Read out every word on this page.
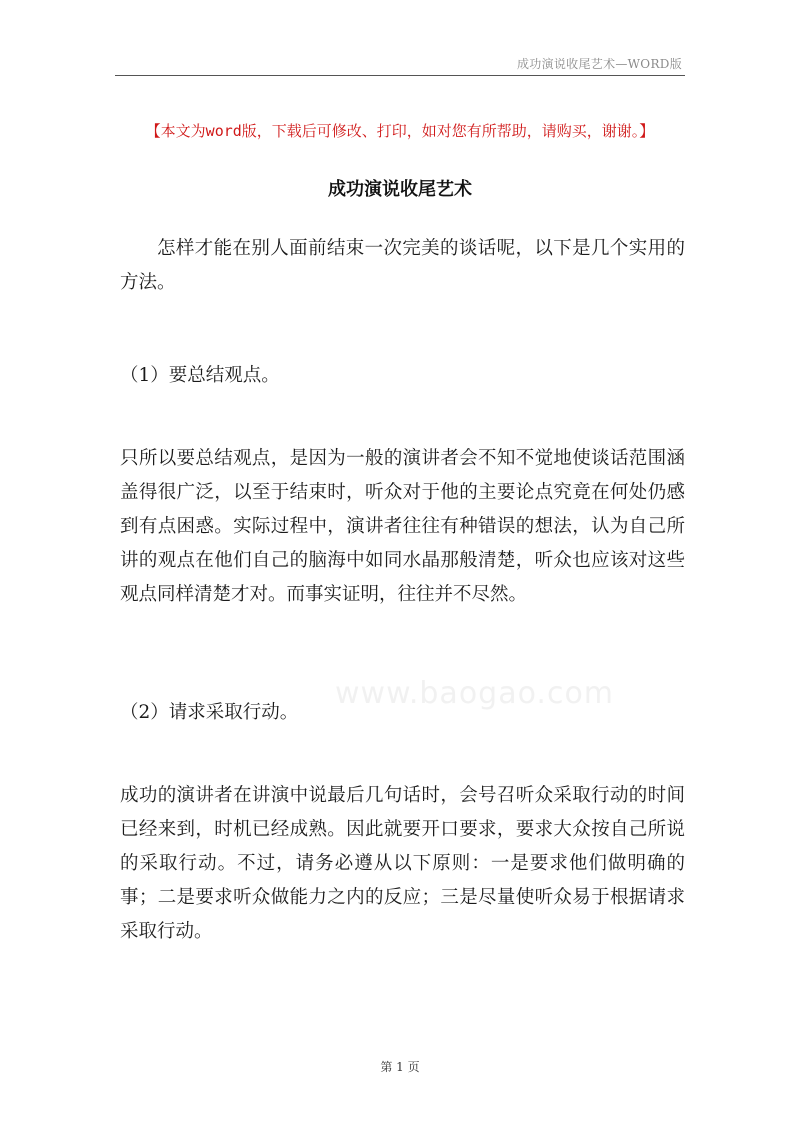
成功演说收尾艺术—WORD版
【本文为word版，下载后可修改、打印，如对您有所帮助，请购买，谢谢。】
成功演说收尾艺术

怎样才能在别人面前结束一次完美的谈话呢，以下是几个实用的方法。

（1）要总结观点。

只所以要总结观点，是因为一般的演讲者会不知不觉地使谈话范围涵盖得很广泛，以至于结束时，听众对于他的主要论点究竟在何处仍感到有点困惑。实际过程中，演讲者往往有种错误的想法，认为自己所讲的观点在他们自己的脑海中如同水晶那般清楚，听众也应该对这些观点同样清楚才对。而事实证明，往往并不尽然。

www.baogao.com

（2）请求采取行动。

成功的演讲者在讲演中说最后几句话时，会号召听众采取行动的时间已经来到，时机已经成熟。因此就要开口要求，要求大众按自己所说的采取行动。不过，请务必遵从以下原则：一是要求他们做明确的事；二是要求听众做能力之内的反应；三是尽量使听众易于根据请求采取行动。

第 1 页
